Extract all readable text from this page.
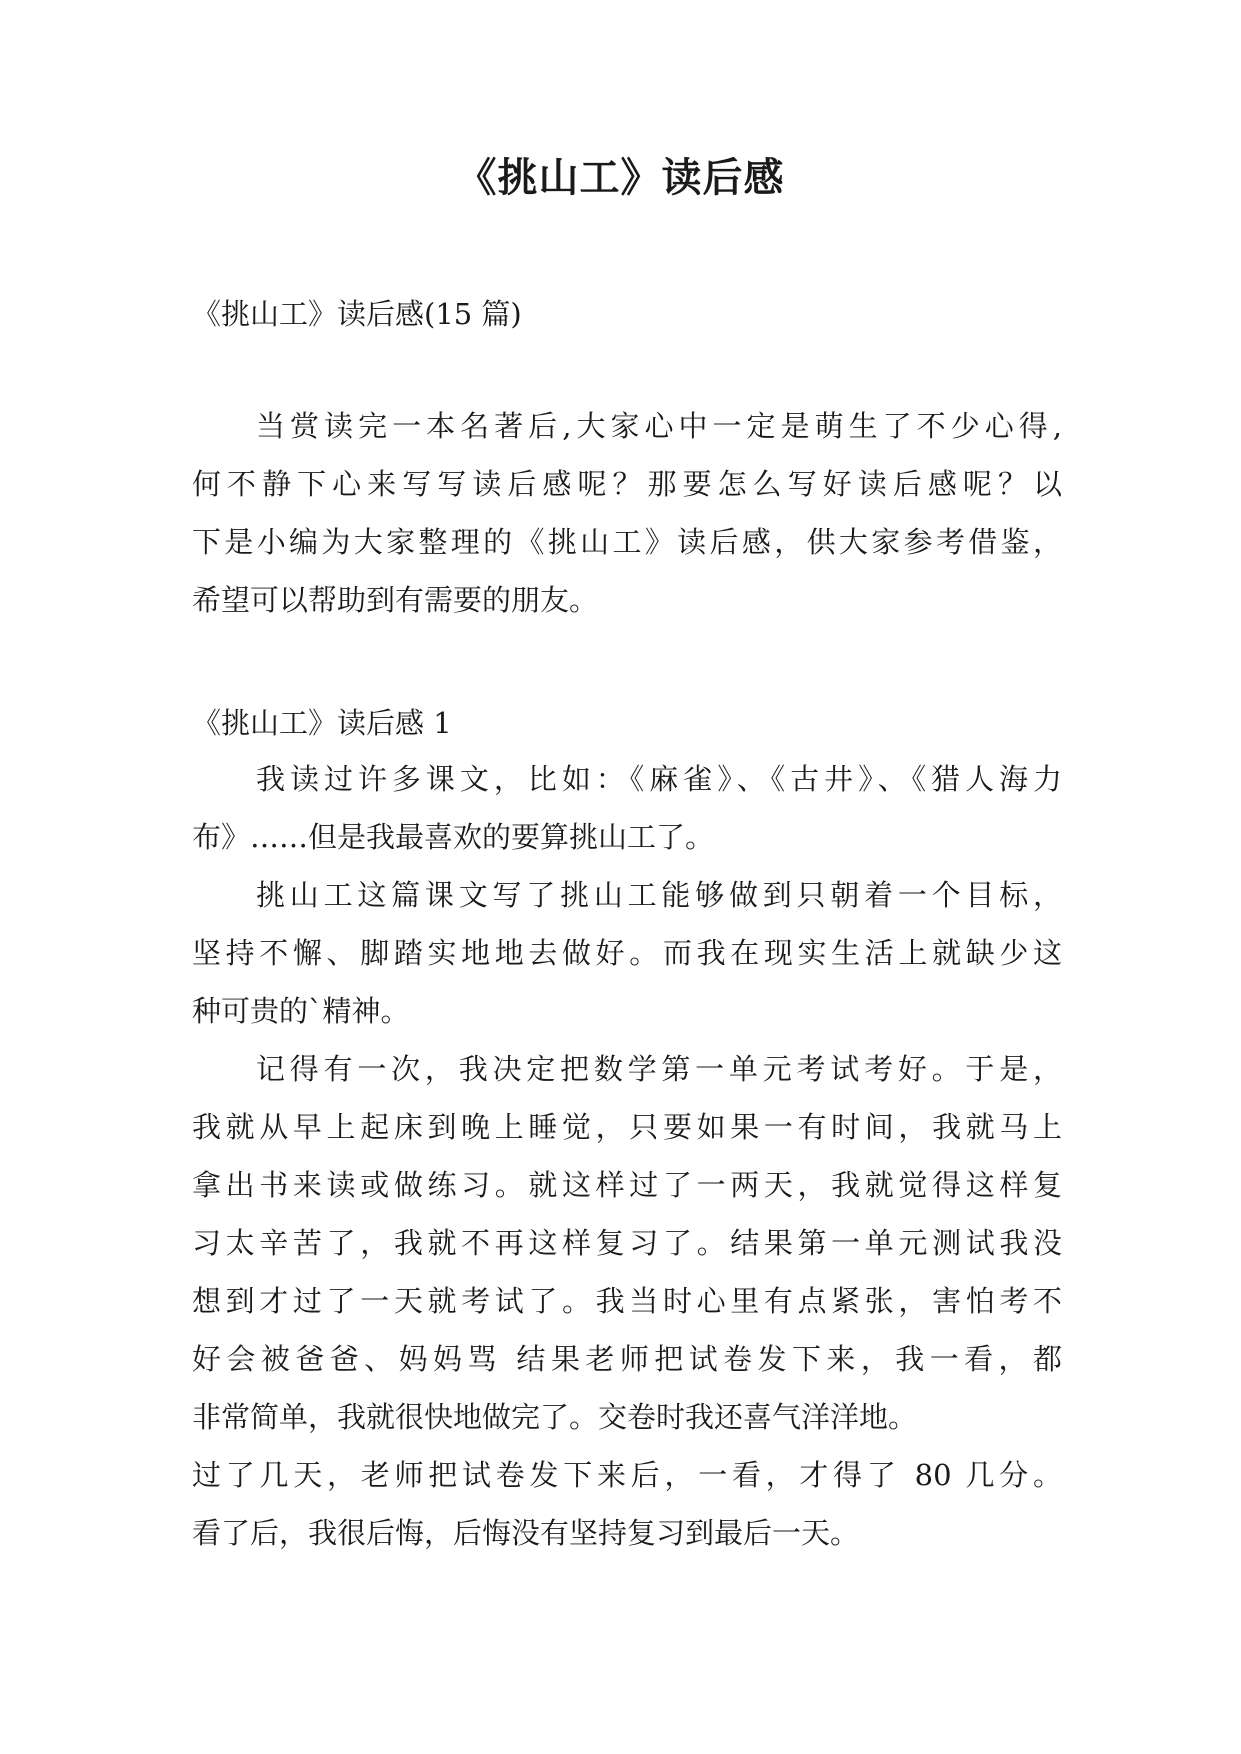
《挑山工》读后感

《挑山工》读后感(15 篇)

当赏读完一本名著后,大家心中一定是萌生了不少心得,

何不静下心来写写读后感呢？那要怎么写好读后感呢？以

下是小编为大家整理的《挑山工》读后感，供大家参考借鉴，

希望可以帮助到有需要的朋友。

《挑山工》读后感 1

我读过许多课文，比如：《麻雀》、《古井》、《猎人海力

布》……但是我最喜欢的要算挑山工了。

挑山工这篇课文写了挑山工能够做到只朝着一个目标，

坚持不懈、脚踏实地地去做好。而我在现实生活上就缺少这

种可贵的`精神。

记得有一次，我决定把数学第一单元考试考好。于是，

我就从早上起床到晚上睡觉，只要如果一有时间，我就马上

拿出书来读或做练习。就这样过了一两天，我就觉得这样复

习太辛苦了，我就不再这样复习了。结果第一单元测试我没

想到才过了一天就考试了。我当时心里有点紧张，害怕考不

好会被爸爸、妈妈骂 结果老师把试卷发下来，我一看，都

非常简单，我就很快地做完了。交卷时我还喜气洋洋地。

过了几天，老师把试卷发下来后，一看，才得了 80 几分。

看了后，我很后悔，后悔没有坚持复习到最后一天。
